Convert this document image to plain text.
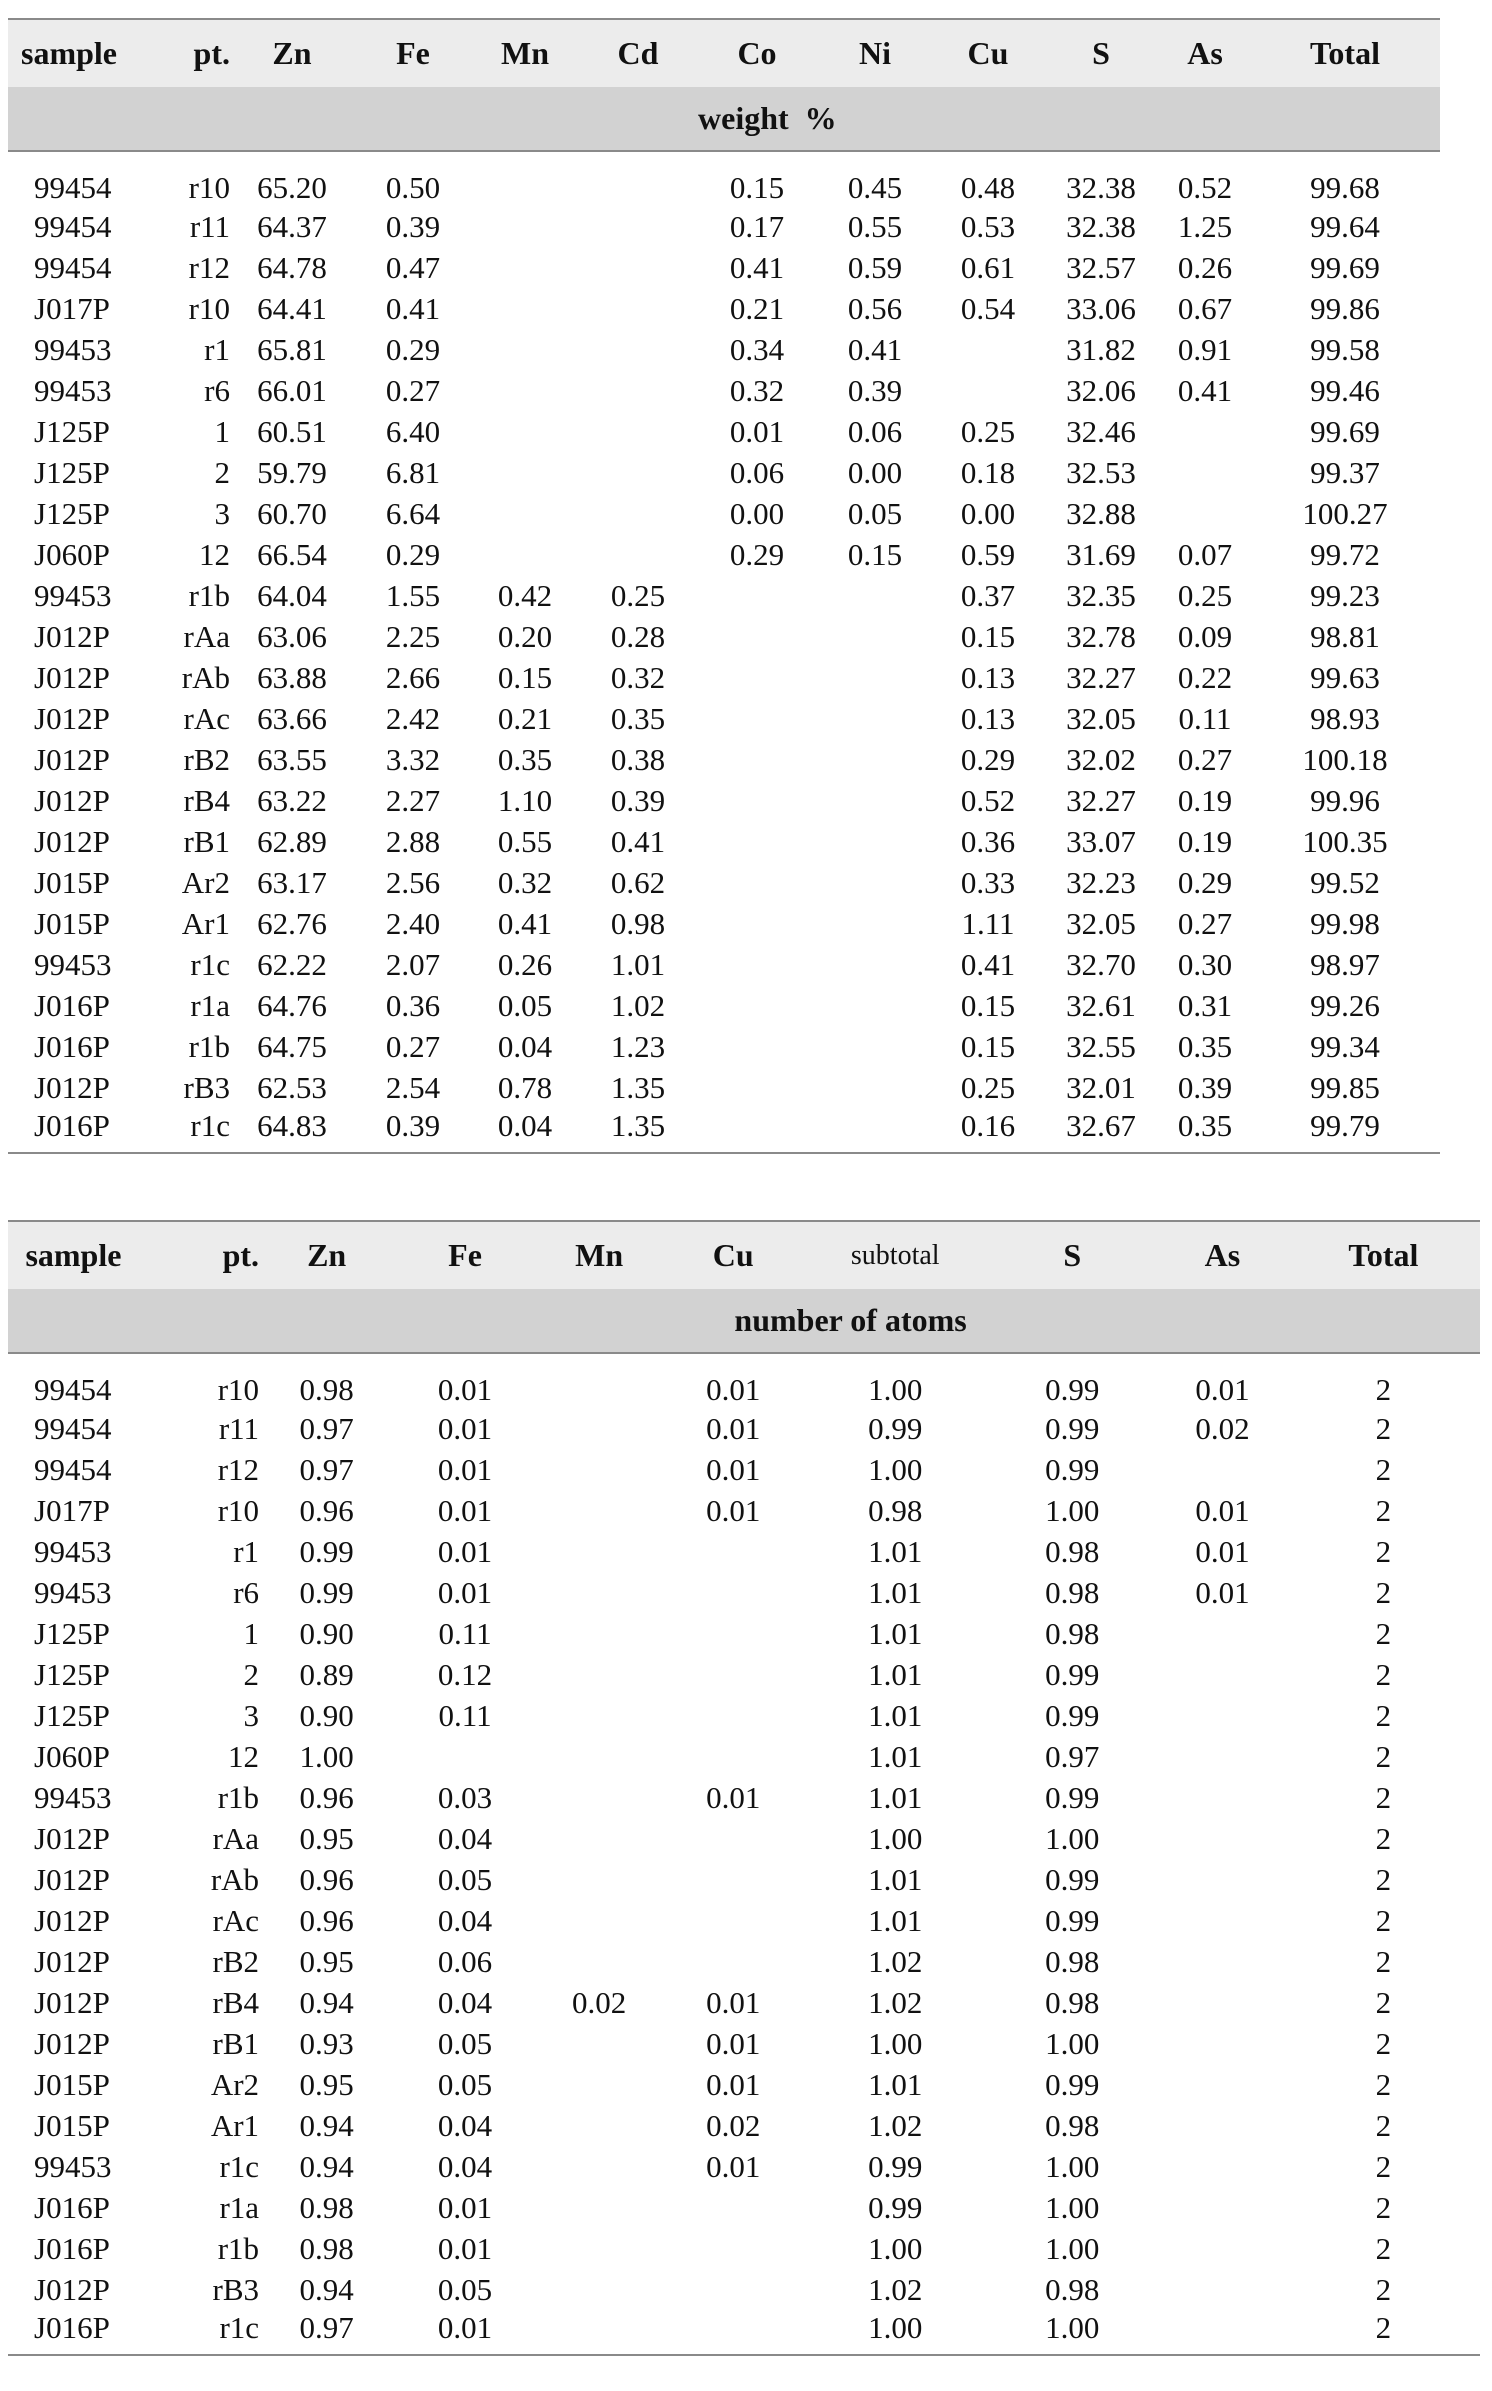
sample	pt.	Zn	Fe	Mn	Cd	Co	Ni	Cu	S	As	Total
						weight  %					
99454	r10	65.20	0.50			0.15	0.45	0.48	32.38	0.52	99.68
99454	r11	64.37	0.39			0.17	0.55	0.53	32.38	1.25	99.64
99454	r12	64.78	0.47			0.41	0.59	0.61	32.57	0.26	99.69
J017P	r10	64.41	0.41			0.21	0.56	0.54	33.06	0.67	99.86
99453	r1	65.81	0.29			0.34	0.41		31.82	0.91	99.58
99453	r6	66.01	0.27			0.32	0.39		32.06	0.41	99.46
J125P	1	60.51	6.40			0.01	0.06	0.25	32.46		99.69
J125P	2	59.79	6.81			0.06	0.00	0.18	32.53		99.37
J125P	3	60.70	6.64			0.00	0.05	0.00	32.88		100.27
J060P	12	66.54	0.29			0.29	0.15	0.59	31.69	0.07	99.72
99453	r1b	64.04	1.55	0.42	0.25			0.37	32.35	0.25	99.23
J012P	rAa	63.06	2.25	0.20	0.28			0.15	32.78	0.09	98.81
J012P	rAb	63.88	2.66	0.15	0.32			0.13	32.27	0.22	99.63
J012P	rAc	63.66	2.42	0.21	0.35			0.13	32.05	0.11	98.93
J012P	rB2	63.55	3.32	0.35	0.38			0.29	32.02	0.27	100.18
J012P	rB4	63.22	2.27	1.10	0.39			0.52	32.27	0.19	99.96
J012P	rB1	62.89	2.88	0.55	0.41			0.36	33.07	0.19	100.35
J015P	Ar2	63.17	2.56	0.32	0.62			0.33	32.23	0.29	99.52
J015P	Ar1	62.76	2.40	0.41	0.98			1.11	32.05	0.27	99.98
99453	r1c	62.22	2.07	0.26	1.01			0.41	32.70	0.30	98.97
J016P	r1a	64.76	0.36	0.05	1.02			0.15	32.61	0.31	99.26
J016P	r1b	64.75	0.27	0.04	1.23			0.15	32.55	0.35	99.34
J012P	rB3	62.53	2.54	0.78	1.35			0.25	32.01	0.39	99.85
J016P	r1c	64.83	0.39	0.04	1.35			0.16	32.67	0.35	99.79
sample	pt.	Zn	Fe	Mn	Cu	subtotal	S	As	Total
					number of atoms				
99454	r10	0.98	0.01		0.01	1.00	0.99	0.01	2
99454	r11	0.97	0.01		0.01	0.99	0.99	0.02	2
99454	r12	0.97	0.01		0.01	1.00	0.99		2
J017P	r10	0.96	0.01		0.01	0.98	1.00	0.01	2
99453	r1	0.99	0.01			1.01	0.98	0.01	2
99453	r6	0.99	0.01			1.01	0.98	0.01	2
J125P	1	0.90	0.11			1.01	0.98		2
J125P	2	0.89	0.12			1.01	0.99		2
J125P	3	0.90	0.11			1.01	0.99		2
J060P	12	1.00				1.01	0.97		2
99453	r1b	0.96	0.03		0.01	1.01	0.99		2
J012P	rAa	0.95	0.04			1.00	1.00		2
J012P	rAb	0.96	0.05			1.01	0.99		2
J012P	rAc	0.96	0.04			1.01	0.99		2
J012P	rB2	0.95	0.06			1.02	0.98		2
J012P	rB4	0.94	0.04	0.02	0.01	1.02	0.98		2
J012P	rB1	0.93	0.05		0.01	1.00	1.00		2
J015P	Ar2	0.95	0.05		0.01	1.01	0.99		2
J015P	Ar1	0.94	0.04		0.02	1.02	0.98		2
99453	r1c	0.94	0.04		0.01	0.99	1.00		2
J016P	r1a	0.98	0.01			0.99	1.00		2
J016P	r1b	0.98	0.01			1.00	1.00		2
J012P	rB3	0.94	0.05			1.02	0.98		2
J016P	r1c	0.97	0.01			1.00	1.00		2
